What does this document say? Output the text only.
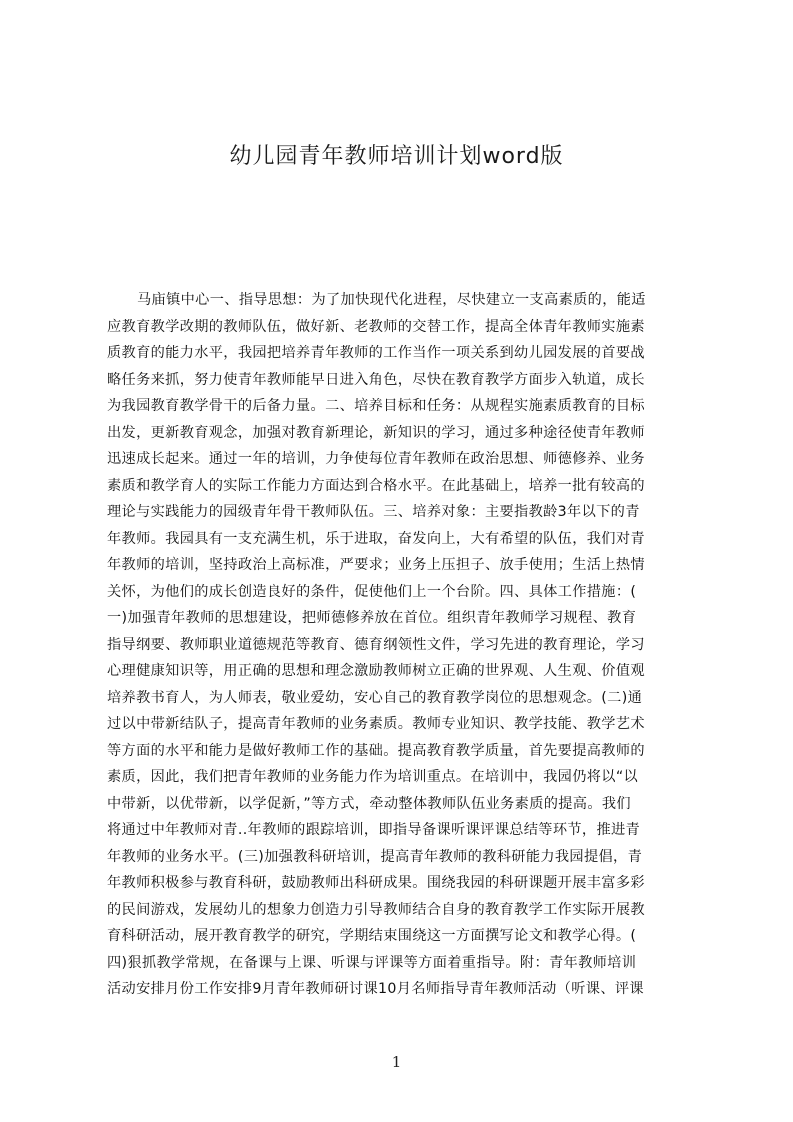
幼儿园青年教师培训计划word版
马庙镇中心一、指导思想：为了加快现代化进程，尽快建立一支高素质的，能适
应教育教学改期的教师队伍，做好新、老教师的交替工作，提高全体青年教师实施素
质教育的能力水平，我园把培养青年教师的工作当作一项关系到幼儿园发展的首要战
略任务来抓，努力使青年教师能早日进入角色，尽快在教育教学方面步入轨道，成长
为我园教育教学骨干的后备力量。二、培养目标和任务：从规程实施素质教育的目标
出发，更新教育观念，加强对教育新理论，新知识的学习，通过多种途径使青年教师
迅速成长起来。通过一年的培训，力争使每位青年教师在政治思想、师德修养、业务
素质和教学育人的实际工作能力方面达到合格水平。在此基础上，培养一批有较高的
理论与实践能力的园级青年骨干教师队伍。三、培养对象：主要指教龄3年以下的青
年教师。我园具有一支充满生机，乐于进取，奋发向上，大有希望的队伍，我们对青
年教师的培训，坚持政治上高标准，严要求；业务上压担子、放手使用；生活上热情
关怀，为他们的成长创造良好的条件，促使他们上一个台阶。四、具体工作措施：(
一)加强青年教师的思想建设，把师德修养放在首位。组织青年教师学习规程、教育
指导纲要、教师职业道德规范等教育、德育纲领性文件，学习先进的教育理论，学习
心理健康知识等，用正确的思想和理念激励教师树立正确的世界观、人生观、价值观
培养教书育人，为人师表，敬业爱幼，安心自己的教育教学岗位的思想观念。(二)通
过以中带新结队子，提高青年教师的业务素质。教师专业知识、教学技能、教学艺术
等方面的水平和能力是做好教师工作的基础。提高教育教学质量，首先要提高教师的
素质，因此，我们把青年教师的业务能力作为培训重点。在培训中，我园仍将以“以
中带新，以优带新，以学促新，”等方式，牵动整体教师队伍业务素质的提高。我们
将通过中年教师对青..年教师的跟踪培训，即指导备课听课评课总结等环节，推进青
年教师的业务水平。(三)加强教科研培训，提高青年教师的教科研能力我园提倡，青
年教师积极参与教育科研，鼓励教师出科研成果。围绕我园的科研课题开展丰富多彩
的民间游戏，发展幼儿的想象力创造力引导教师结合自身的教育教学工作实际开展教
育科研活动，展开教育教学的研究，学期结束围绕这一方面撰写论文和教学心得。(
四)狠抓教学常规，在备课与上课、听课与评课等方面着重指导。附：青年教师培训
活动安排月份工作安排9月青年教师研讨课10月名师指导青年教师活动（听课、评课
1
